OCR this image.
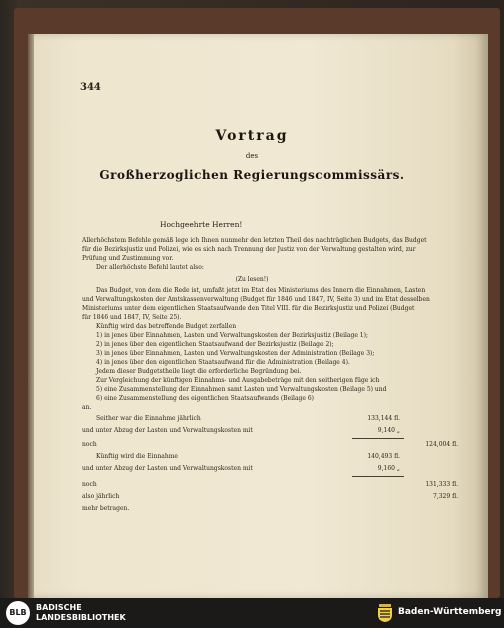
344
Vortrag
des
Großherzoglichen Regierungscommissärs.
Hochgeehrte Herren!
Allerhöchstem Befehle gemäß lege ich Ihnen nunmehr den letzten Theil des nachträglichen Budgets, das Budget
für die Bezirksjustiz und Polizei, wie es sich nach Trennung der Justiz von der Verwaltung gestalten wird, zur
Prüfung und Zustimmung vor.
Der allerhöchste Befehl lautet also:
(Zu lesen!)
Das Budget, von dem die Rede ist, umfaßt jetzt im Etat des Ministeriums des Innern die Einnahmen, Lasten
und Verwaltungskosten der Amtskassenverwaltung (Budget für 1846 und 1847, IV, Seite 3) und im Etat desselben
Ministeriums unter dem eigentlichen Staatsaufwande den Titel VIII. für die Bezirksjustiz und Polizei (Budget
für 1846 und 1847, IV, Seite 25).
Künftig wird das betreffende Budget zerfallen
1) in jenes über Einnahmen, Lasten und Verwaltungskosten der Bezirksjustiz (Beilage 1);
2) in jenes über den eigentlichen Staatsaufwand der Bezirksjustiz (Beilage 2);
3) in jenes über Einnahmen, Lasten und Verwaltungskosten der Administration (Beilage 3);
4) in jenes über den eigentlichen Staatsaufwand für die Administration (Beilage 4).
Jedem dieser Budgetstheile liegt die erforderliche Begründung bei.
Zur Vergleichung der künftigen Einnahms- und Ausgabebeträge mit den seitherigen füge ich
5) eine Zusammenstellung der Einnahmen samt Lasten und Verwaltungskosten (Beilage 5) und
6) eine Zusammenstellung des eigentlichen Staatsaufwands (Beilage 6)
an.
Seither war die Einnahme jährlich	133,144 fl.
und unter Abzug der Lasten und Verwaltungskosten mit	9,140 „
noch	124,004 fl.
Künftig wird die Einnahme	140,493 fl.
und unter Abzug der Lasten und Verwaltungskosten mit	9,160 „
noch	131,333 fl.
also jährlich	7,329 fl.
mehr betragen.
BLB
BADISCHE
LANDESBIBLIOTHEK
Baden-Württemberg
